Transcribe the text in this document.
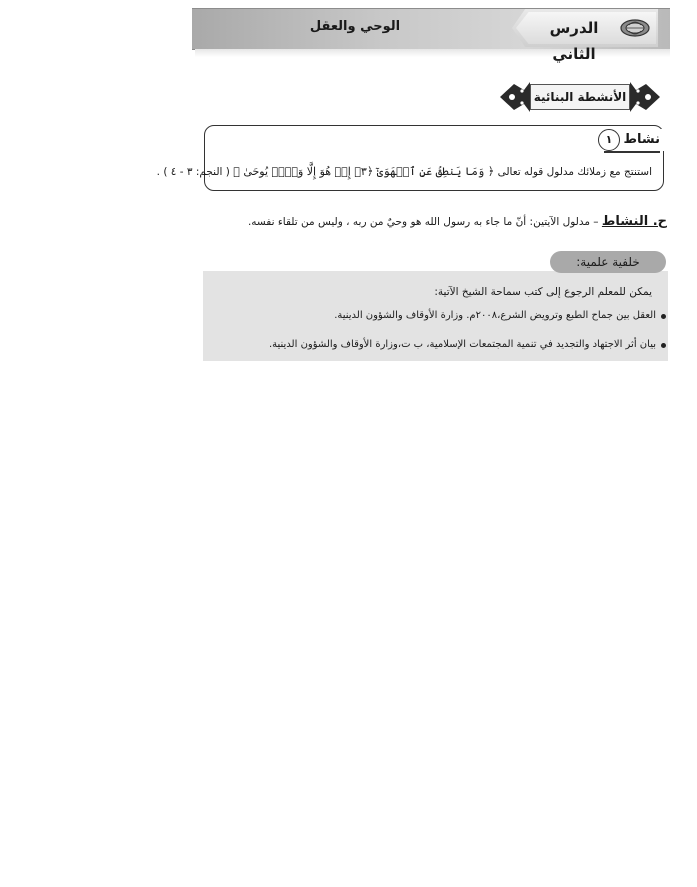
الدرس الثاني
الوحي والعقل
الأنشطة البنائية
نشاط
١
استنتج مع زملائك مدلول قوله تعالى ﴿ وَمَا يَنطِقُ عَنِ ٱلۡهَوَىٰٓ ﴿٣﴾ إِنۡ هُوَ إِلَّا وَحۡيٞ يُوحَىٰ ﴾ ( النجم: ٣ - ٤ ) .
ح. النشاط – مدلول الآيتين: أنّ ما جاء به رسول الله هو وحيٌ من ربه ، وليس من تلقاء نفسه.
خلفية علمية:
يمكن للمعلم الرجوع إلى كتب سماحة الشيخ الآتية:
العقل بين جماح الطبع وترويض الشرع،٢٠٠٨م. وزارة الأوقاف والشؤون الدينية.
بيان أثر الاجتهاد والتجديد في تنمية المجتمعات الإسلامية، ب ت،وزارة الأوقاف والشؤون الدينية.
